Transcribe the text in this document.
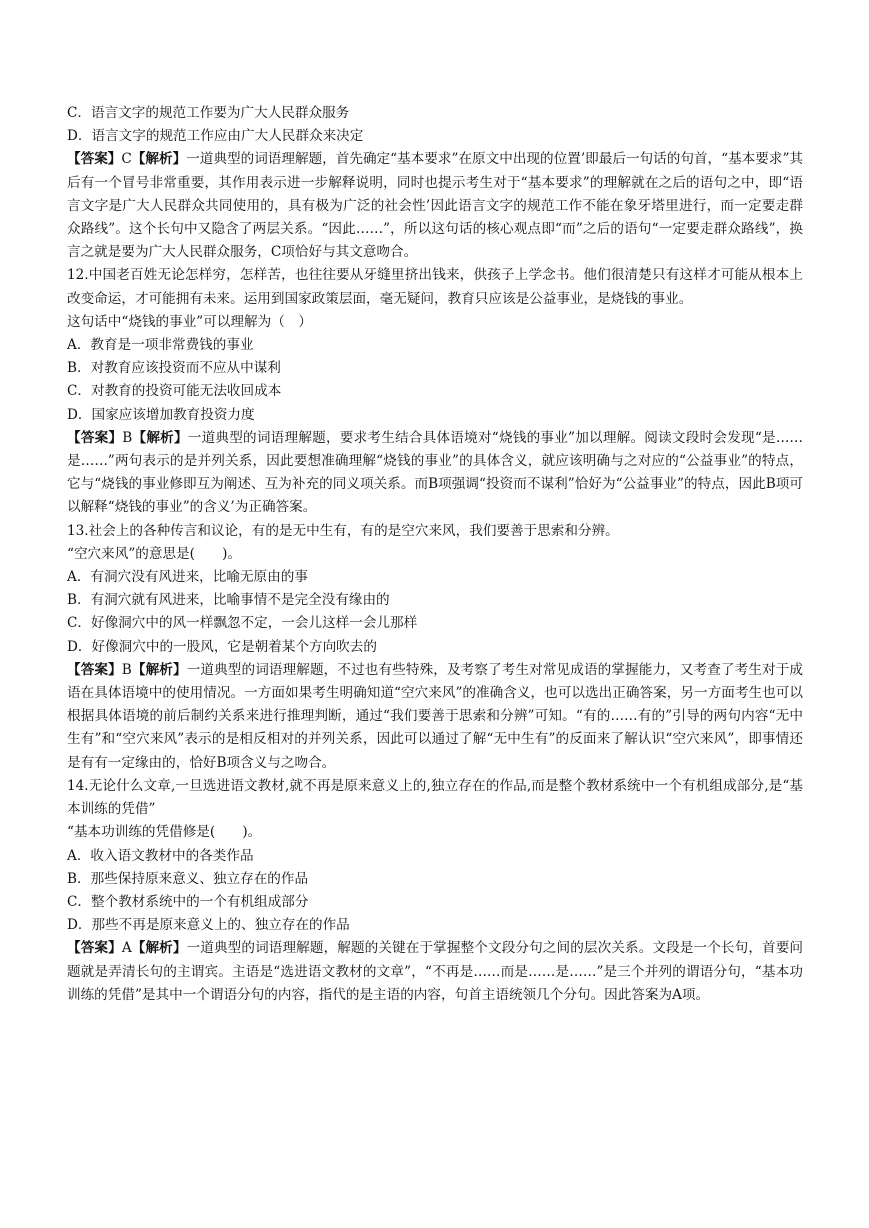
C．语言文字的规范工作要为广大人民群众服务
D．语言文字的规范工作应由广大人民群众来决定
【答案】C【解析】一道典型的词语理解题，首先确定“基本要求”在原文中出现的位置’即最后一句话的句首，“基本要求”其后有一个冒号非常重要，其作用表示进一步解释说明，同时也提示考生对于“基本要求”的理解就在之后的语句之中，即“语言文字是广大人民群众共同使用的，具有极为广泛的社会性’因此语言文字的规范工作不能在象牙塔里进行，而一定要走群众路线”。这个长句中又隐含了两层关系。“因此……”，所以这句话的核心观点即“而”之后的语句“一定要走群众路线”，换言之就是要为广大人民群众服务，C项恰好与其文意吻合。
12.中国老百姓无论怎样穷，怎样苦，也往往要从牙缝里挤出钱来，供孩子上学念书。他们很清楚只有这样才可能从根本上改变命运，才可能拥有未来。运用到国家政策层面，毫无疑问，教育只应该是公益事业，是烧钱的事业。
这句话中“烧钱的事业”可以理解为（　）
A．教育是一项非常费钱的事业
B．对教育应该投资而不应从中谋利
C．对教育的投资可能无法收回成本
D．国家应该增加教育投资力度
【答案】B【解析】一道典型的词语理解题，要求考生结合具体语境对“烧钱的事业”加以理解。阅读文段时会发现“是……是……”两句表示的是并列关系，因此要想准确理解“烧钱的事业”的具体含义，就应该明确与之对应的“公益事业”的特点，它与“烧钱的事业修即互为阐述、互为补充的同义项关系。而B项强调“投资而不谋利”恰好为“公益事业”的特点，因此B项可以解释“烧钱的事业”的含义’为正确答案。
13.社会上的各种传言和议论，有的是无中生有，有的是空穴来风，我们要善于思索和分辨。
“空穴来风”的意思是(　　)。
A．有洞穴没有风进来，比喻无原由的事
B．有洞穴就有风进来，比喻事情不是完全没有缘由的
C．好像洞穴中的风一样飘忽不定，一会儿这样一会儿那样
D．好像洞穴中的一股风，它是朝着某个方向吹去的
【答案】B【解析】一道典型的词语理解题，不过也有些特殊，及考察了考生对常见成语的掌握能力，又考查了考生对于成语在具体语境中的使用情况。一方面如果考生明确知道“空穴来风”的准确含义，也可以选出正确答案，另一方面考生也可以根据具体语境的前后制约关系来进行推理判断，通过“我们要善于思索和分辨”可知。“有的……有的”引导的两句内容“无中生有”和“空穴来风”表示的是相反相对的并列关系，因此可以通过了解“无中生有”的反面来了解认识“空穴来风”，即事情还是有有一定缘由的，恰好B项含义与之吻合。
14.无论什么文章,一旦选进语文教材,就不再是原来意义上的,独立存在的作品,而是整个教材系统中一个有机组成部分,是“基本训练的凭借”
“基本功训练的凭借修是(　　)。
A．收入语文教材中的各类作品
B．那些保持原来意义、独立存在的作品
C．整个教材系统中的一个有机组成部分
D．那些不再是原来意义上的、独立存在的作品
【答案】A【解析】一道典型的词语理解题，解题的关键在于掌握整个文段分句之间的层次关系。文段是一个长句，首要问题就是弄清长句的主谓宾。主语是“选进语文教材的文章”，“不再是……而是……是……”是三个并列的谓语分句，“基本功训练的凭借”是其中一个谓语分句的内容，指代的是主语的内容，句首主语统领几个分句。因此答案为A项。
